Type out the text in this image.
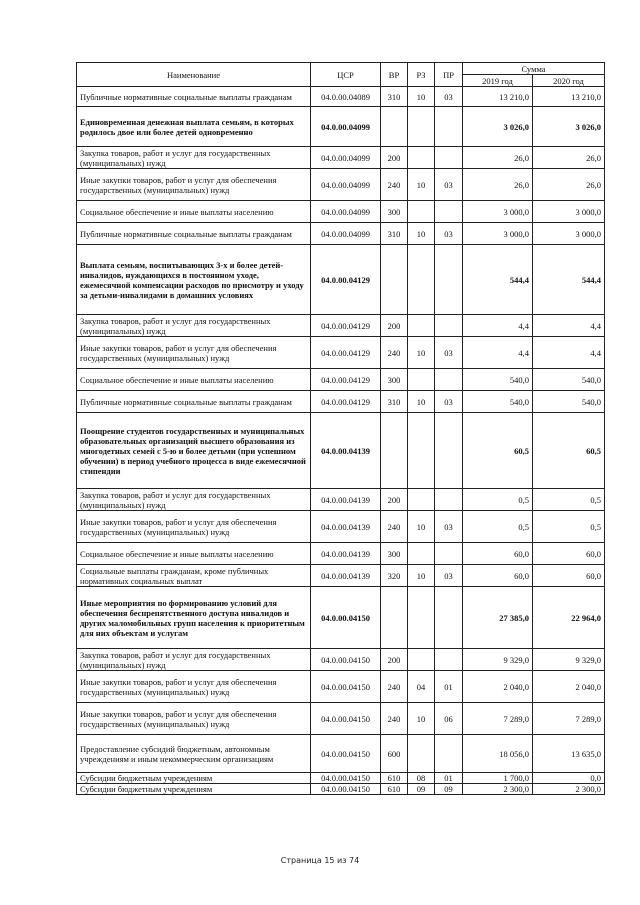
Наименование	ЦСР	ВР	РЗ	ПР	Сумма	
					2019 год	2020 год
Публичные нормативные социальные выплаты гражданам	04.0.00.04089	310	10	03	13 210,0	13 210,0
Единовременная денежная выплата семьям, в которых родилось двое или более детей одновременно	04.0.00.04099				3 026,0	3 026,0
Закупка товаров, работ и услуг для государственных (муниципальных) нужд	04.0.00.04099	200			26,0	26,0
Иные закупки товаров, работ и услуг для обеспечения государственных (муниципальных) нужд	04.0.00.04099	240	10	03	26,0	26,0
Социальное обеспечение и иные выплаты населению	04.0.00.04099	300			3 000,0	3 000,0
Публичные нормативные социальные выплаты гражданам	04.0.00.04099	310	10	03	3 000,0	3 000,0
Выплата семьям, воспитывающих 3-х и более детей-инвалидов, нуждающихся в постоянном уходе, ежемесячной компенсации расходов по присмотру и уходу за детьми-инвалидами в домашних условиях	04.0.00.04129				544,4	544,4
Закупка товаров, работ и услуг для государственных (муниципальных) нужд	04.0.00.04129	200			4,4	4,4
Иные закупки товаров, работ и услуг для обеспечения государственных (муниципальных) нужд	04.0.00.04129	240	10	03	4,4	4,4
Социальное обеспечение и иные выплаты населению	04.0.00.04129	300			540,0	540,0
Публичные нормативные социальные выплаты гражданам	04.0.00.04129	310	10	03	540,0	540,0
Поощрение студентов государственных и муниципальных образовательных организаций высшего образования из многодетных семей с 5-ю и более детьми (при успешном обучении) в период учебного процесса в виде ежемесячной стипендии	04.0.00.04139				60,5	60,5
Закупка товаров, работ и услуг для государственных (муниципальных) нужд	04.0.00.04139	200			0,5	0,5
Иные закупки товаров, работ и услуг для обеспечения государственных (муниципальных) нужд	04.0.00.04139	240	10	03	0,5	0,5
Социальное обеспечение и иные выплаты населению	04.0.00.04139	300			60,0	60,0
Социальные выплаты гражданам, кроме публичных нормативных социальных выплат	04.0.00.04139	320	10	03	60,0	60,0
Иные мероприятия по формированию условий для обеспечения беспрепятственного доступа инвалидов и других маломобильных групп населения к приоритетным для них объектам и услугам	04.0.00.04150				27 385,0	22 964,0
Закупка товаров, работ и услуг для государственных (муниципальных) нужд	04.0.00.04150	200			9 329,0	9 329,0
Иные закупки товаров, работ и услуг для обеспечения государственных (муниципальных) нужд	04.0.00.04150	240	04	01	2 040,0	2 040,0
Иные закупки товаров, работ и услуг для обеспечения государственных (муниципальных) нужд	04.0.00.04150	240	10	06	7 289,0	7 289,0
Предоставление субсидий бюджетным, автономным учреждениям и иным некоммерческим организациям	04.0.00.04150	600			18 056,0	13 635,0
Субсидии бюджетным учреждениям	04.0.00.04150	610	08	01	1 700,0	0,0
Субсидии бюджетным учреждениям	04.0.00.04150	610	09	09	2 300,0	2 300,0
Страница 15 из 74
